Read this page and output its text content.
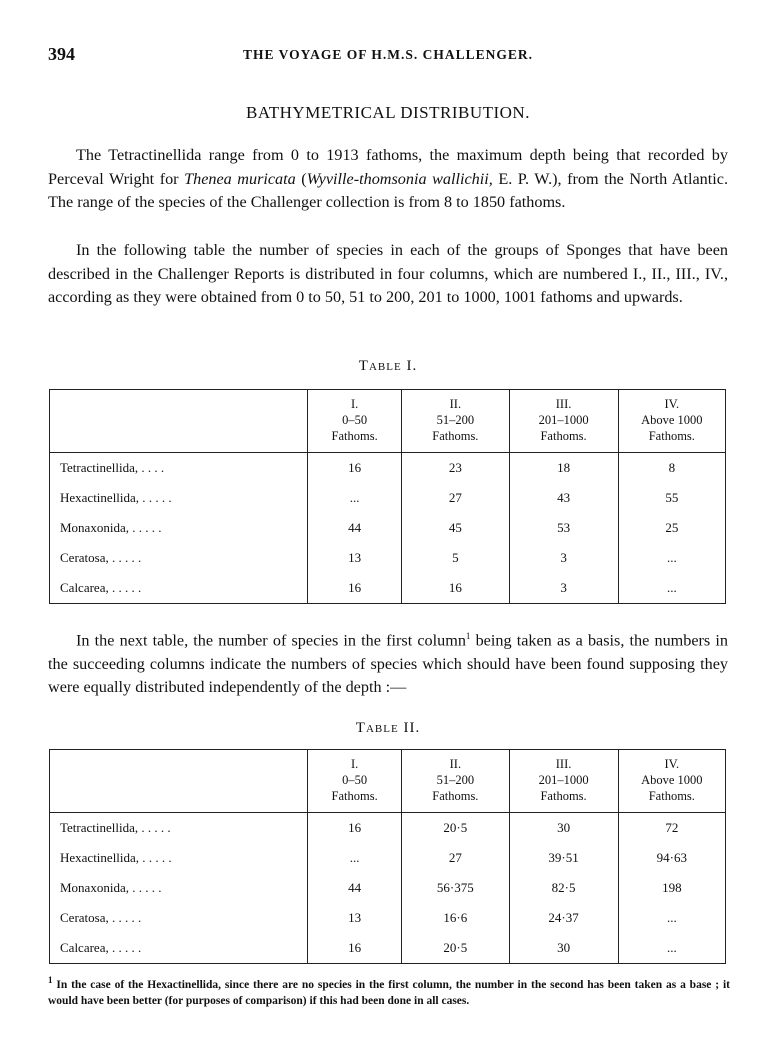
394	THE VOYAGE OF H.M.S. CHALLENGER.
BATHYMETRICAL DISTRIBUTION.
The Tetractinellida range from 0 to 1913 fathoms, the maximum depth being that recorded by Perceval Wright for Thenea muricata (Wyville-thomsonia wallichii, E. P. W.), from the North Atlantic. The range of the species of the Challenger collection is from 8 to 1850 fathoms.
In the following table the number of species in each of the groups of Sponges that have been described in the Challenger Reports is distributed in four columns, which are numbered I., II., III., IV., according as they were obtained from 0 to 50, 51 to 200, 201 to 1000, 1001 fathoms and upwards.
Table I.
	I.
0–50
Fathoms.	II.
51–200
Fathoms.	III.
201–1000
Fathoms.	IV.
Above 1000
Fathoms.
Tetractinellida, . . . .	16	23	18	8
Hexactinellida, . . . . .	...	27	43	55
Monaxonida, . . . . .	44	45	53	25
Ceratosa, . . . . .	13	5	3	...
Calcarea, . . . . .	16	16	3	...
In the next table, the number of species in the first column$^1$ being taken as a basis, the numbers in the succeeding columns indicate the numbers of species which should have been found supposing they were equally distributed independently of the depth :—
Table II.
	I.
0–50
Fathoms.	II.
51–200
Fathoms.	III.
201–1000
Fathoms.	IV.
Above 1000
Fathoms.
Tetractinellida, . . . . .	16	20·5	30	72
Hexactinellida, . . . . .	...	27	39·51	94·63
Monaxonida, . . . . .	44	56·375	82·5	198
Ceratosa, . . . . .	13	16·6	24·37	...
Calcarea, . . . . .	16	20·5	30	...
$^1$ In the case of the Hexactinellida, since there are no species in the first column, the number in the second has been taken as a base ; it would have been better (for purposes of comparison) if this had been done in all cases.
